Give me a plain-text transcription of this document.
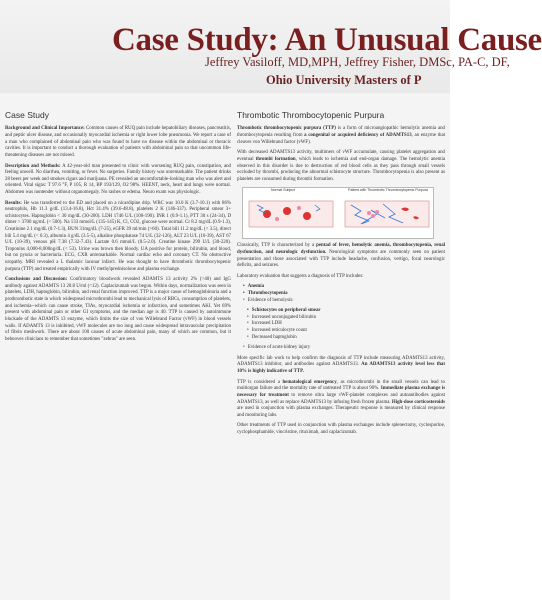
Case Study: An Unusual Cause
Jeffrey Vasiloff, MD,MPH, Jeffrey Fisher, DMSc, PA-C, DF,
Ohio University Masters of P
Case Study

Background and Clinical Importance: Common causes of RUQ pain include hepatobiliary diseases, pancreatitis, and peptic ulcer disease, and occasionally myocardial ischemia or right lower lobe pneumonia. We report a case of a man who complained of abdominal pain who was found to have no disease within the abdominal or thoracic cavities. It is important to conduct a thorough evaluation of patients with abdominal pain so that uncommon life-threatening diseases are not missed.

Description and Methods: A 42-year-old man presented to clinic with worsening RUQ pain, constipation, and feeling unwell. No diarrhea, vomiting, or fever. No surgeries. Family history was unremarkable. The patient drinks 28 beers per week and smokes cigars and marijuana. PE revealed an uncomfortable-looking man who was alert and oriented. Vital signs: T 97.6 °F, P 105, R 14, BP 193/129, O2 98%. HEENT, neck, heart and lungs were normal. Abdomen was nontender without organomegaly. No rashes or edema. Neuro exam was physiologic.

Results: He was transferred to the ED and placed on a nicardipine drip. WBC was 10.0 K (3.7-10.1) with 86% neutrophils, Hb 11.3 g/dL (13.4-16.8), Hct 31.4% (39.6-48.8), platelets 2 K (146-337). Peripheral smear 3+ schistocytes. Haptoglobin < 30 mg/dL (30-200). LDH 1746 U/L (100-190). INR 1 (0.9-1.1), PTT 30 s (24-34), D dimer > 3700 ng/mL (< 500). Na 133 mmol/L (135-145) K, Cl, CO2, glucose were normal. Cr 8.2 mg/dL (0.9-1.3), Creatinine 2.1 mg/dL (0.7-1.3), BUN 31mg/dL (7-25), eGFR 39 ml/min (>60). Total bili 11.2 mg/dL (< 3.5), direct bili 5.4 mg/dL (< 0.3), albumin 4 g/dL (3.5-5), alkaline phosphatase 74 U/L (32-126), ALT 23 U/L (10-39), AST 67 U/L (10-39), venous pH 7.38 (7.32-7.43). Lactate 0.6 mmol/L (0.5-2.0). Creatine kinase 299 U/L (30-220). Troponins 4,000-8,000ng/dL (< 53). Urine was brown then bloody. UA positive for protein, bilirubin, and blood, but no pyuria or bacteriuria. ECG, CXR unremarkable. Normal cardiac echo and coronary CT. No obstructive uropathy. MRI revealed a L thalamic lacunar infarct. He was thought to have thrombotic thrombocytopenic purpura (TTP) and treated empirically with IV methylprednisolone and plasma exchange.

Conclusions and Discussion: Confirmatory bloodwork revealed ADAMTS 13 activity 2% (>40) and IgG antibody against ADAMTS 13 20.8 U/ml (<12). Caplacizumab was begun. Within days, normalization was seen in platelets, LDH, haptoglobin, bilirubin, and renal function improved. TTP is a major cause of hemoglobinuria and a prothrombotic state in which widespread microthrombi lead to mechanical lysis of RBCs, consumption of platelets, and ischemia--which can cause stroke, TIAs, myocardial ischemia or infarction, and sometimes AKI. Yet 69% present with abdominal pain or other GI symptoms, and the median age is 40. TTP is caused by autoimmune blockade of the ADAMTS 13 enzyme, which limits the size of von Willebrand Factor (vWF) in blood vessels walls. If ADAMTS 13 is inhibited, vWF molecules are too long and cause widespread intravascular precipitation of fibrin meshwork. There are about 100 causes of acute abdominal pain, many of which are common, but it behooves clinicians to remember that sometimes "zebras" are seen.

Thrombotic Thrombocytopenic Purpura

Thrombotic thrombocytopenic purpura (TTP) is a form of microangiopathic hemolytic anemia and thrombocytopenia resulting from a congenital or acquired deficiency of ADAMTS13, an enzyme that cleaves von Willebrand factor (vWF).

With decreased ADAMTS13 activity, multimers of vWF accumulate, causing platelet aggregation and eventual thrombi formation, which leads to ischemia and end-organ damage. The hemolytic anemia observed in this disorder is due to destruction of red blood cells as they pass through small vessels occluded by thrombi, producing the abnormal schistocyte structure. Thrombocytopenia is also present as platelets are consumed during thrombi formation.

Normal Subject	Patient with Thrombotic Thrombocytopenic Purpura

Classically, TTP is characterized by a pentad of fever, hemolytic anemia, thrombocytopenia, renal dysfunction, and neurologic dysfunction. Neurological symptoms are commonly seen on patient presentation and those associated with TTP include headache, confusion, vertigo, focal neurologic deficits, and seizures.

Laboratory evaluation that suggests a diagnosis of TTP includes:

• Anemia
• Thrombocytopenia
• Evidence of hemolysis:
• Schistocytes on peripheral smear
• Increased unconjugated bilirubin
• Increased LDH
• Increased reticulocyte count
• Decreased haptoglobin
• Evidence of acute kidney injury

More specific lab work to help confirm the diagnosis of TTP include measuring ADAMTS13 activity, ADAMTS13 inhibitor, and antibodies against ADAMTS13. An ADAMTS13 activity level less that 10% is highly indicative of TTP.

TTP is considered a hematological emergency, as microthrombi in the small vessels can lead to multiorgan failure and the mortality rate of untreated TTP is about 90%. Immediate plasma exchange is necessary for treatment to remove ultra large vWF-platelet complexes and autoantibodies against ADAMTS13, as well as replace ADAMTS13 by infusing fresh frozen plasma. High-dose corticosteroids are used in conjunction with plasma exchanges. Therapeutic response is measured by clinical response and monitoring labs.

Other treatments of TTP used in conjunction with plasma exchanges include splenectomy, cyclosporine, cyclophosphamide, vincristine, rituximab, and caplacizumab.
